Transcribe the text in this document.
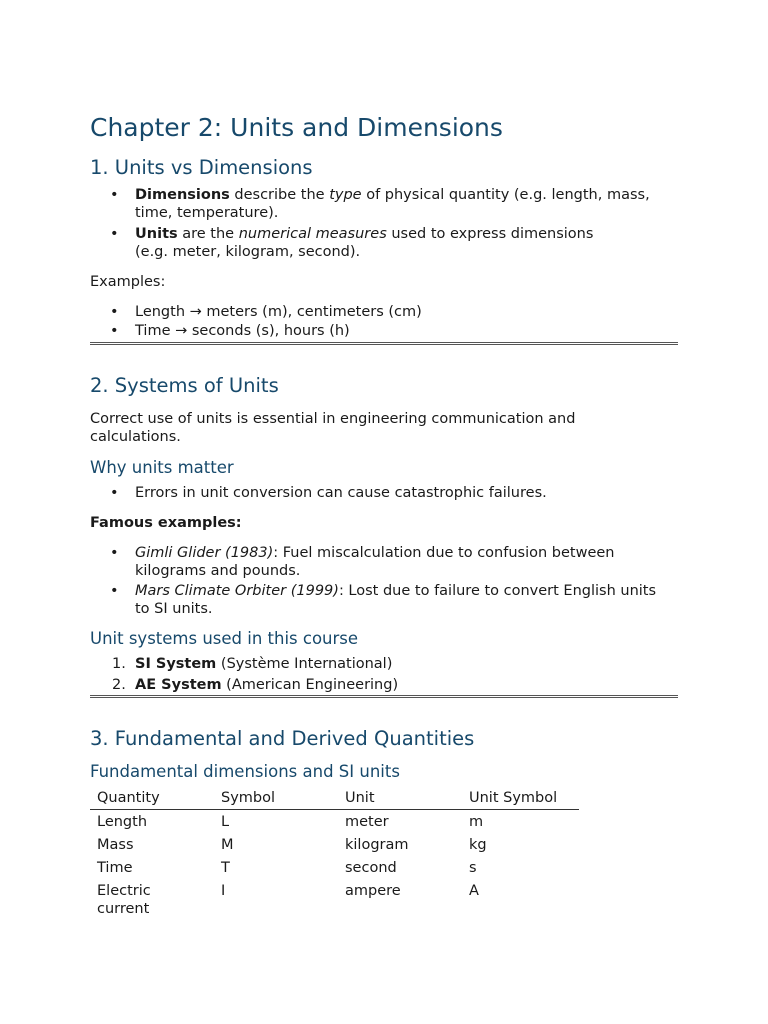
Chapter 2: Units and Dimensions
1. Units vs Dimensions
• Dimensions describe the type of physical quantity (e.g. length, mass,
time, temperature).
• Units are the numerical measures used to express dimensions
(e.g. meter, kilogram, second).

Examples:

• Length → meters (m), centimeters (cm)
• Time → seconds (s), hours (h)
2. Systems of Units

Correct use of units is essential in engineering communication and
calculations.

Why units matter
• Errors in unit conversion can cause catastrophic failures.

Famous examples:

• Gimli Glider (1983): Fuel miscalculation due to confusion between
kilograms and pounds.
• Mars Climate Orbiter (1999): Lost due to failure to convert English units
to SI units.
Unit systems used in this course
1. SI System (Système International)
2. AE System (American Engineering)
3. Fundamental and Derived Quantities
Fundamental dimensions and SI units
Quantity	Symbol	Unit	Unit Symbol
Length	L	meter	m
Mass	M	kilogram	kg
Time	T	second	s
Electric current	I	ampere	A
